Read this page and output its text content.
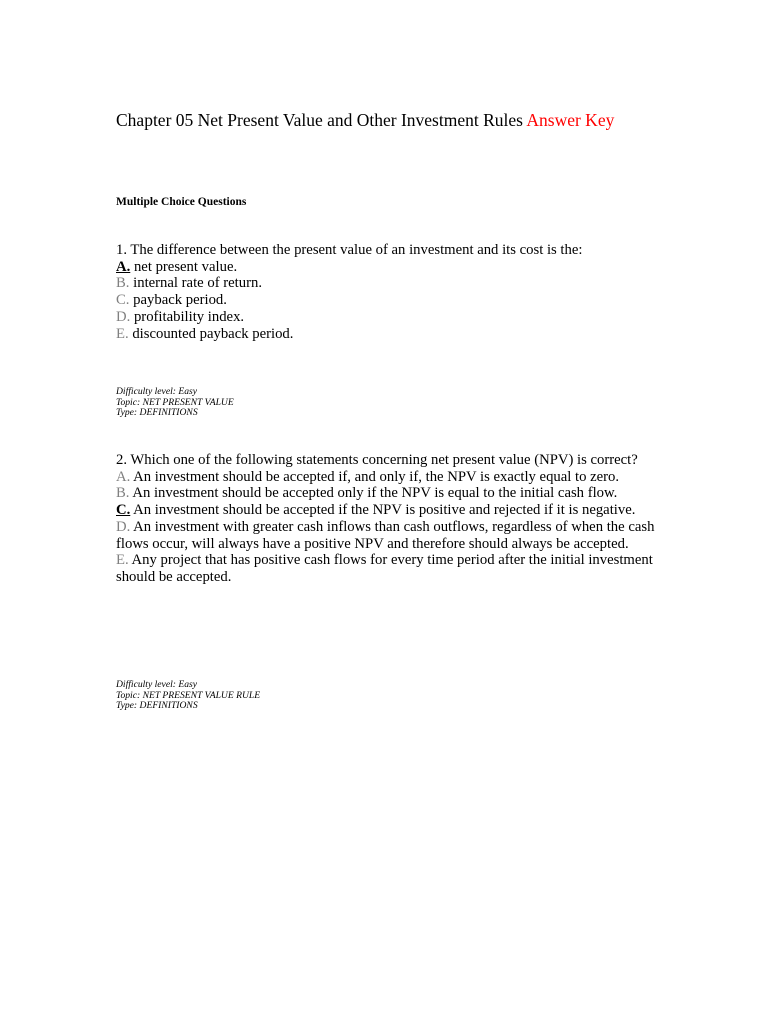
Chapter 05 Net Present Value and Other Investment Rules Answer Key
Multiple Choice Questions

1. The difference between the present value of an investment and its cost is the:

A. net present value.

B. internal rate of return.

C. payback period.

D. profitability index.

E. discounted payback period.

Difficulty level: Easy
Topic: NET PRESENT VALUE
Type: DEFINITIONS

2. Which one of the following statements concerning net present value (NPV) is correct?

A. An investment should be accepted if, and only if, the NPV is exactly equal to zero.

B. An investment should be accepted only if the NPV is equal to the initial cash flow.

C. An investment should be accepted if the NPV is positive and rejected if it is negative.

D. An investment with greater cash inflows than cash outflows, regardless of when the cash flows occur, will always have a positive NPV and therefore should always be accepted.

E. Any project that has positive cash flows for every time period after the initial investment should be accepted.

Difficulty level: Easy
Topic: NET PRESENT VALUE RULE
Type: DEFINITIONS
